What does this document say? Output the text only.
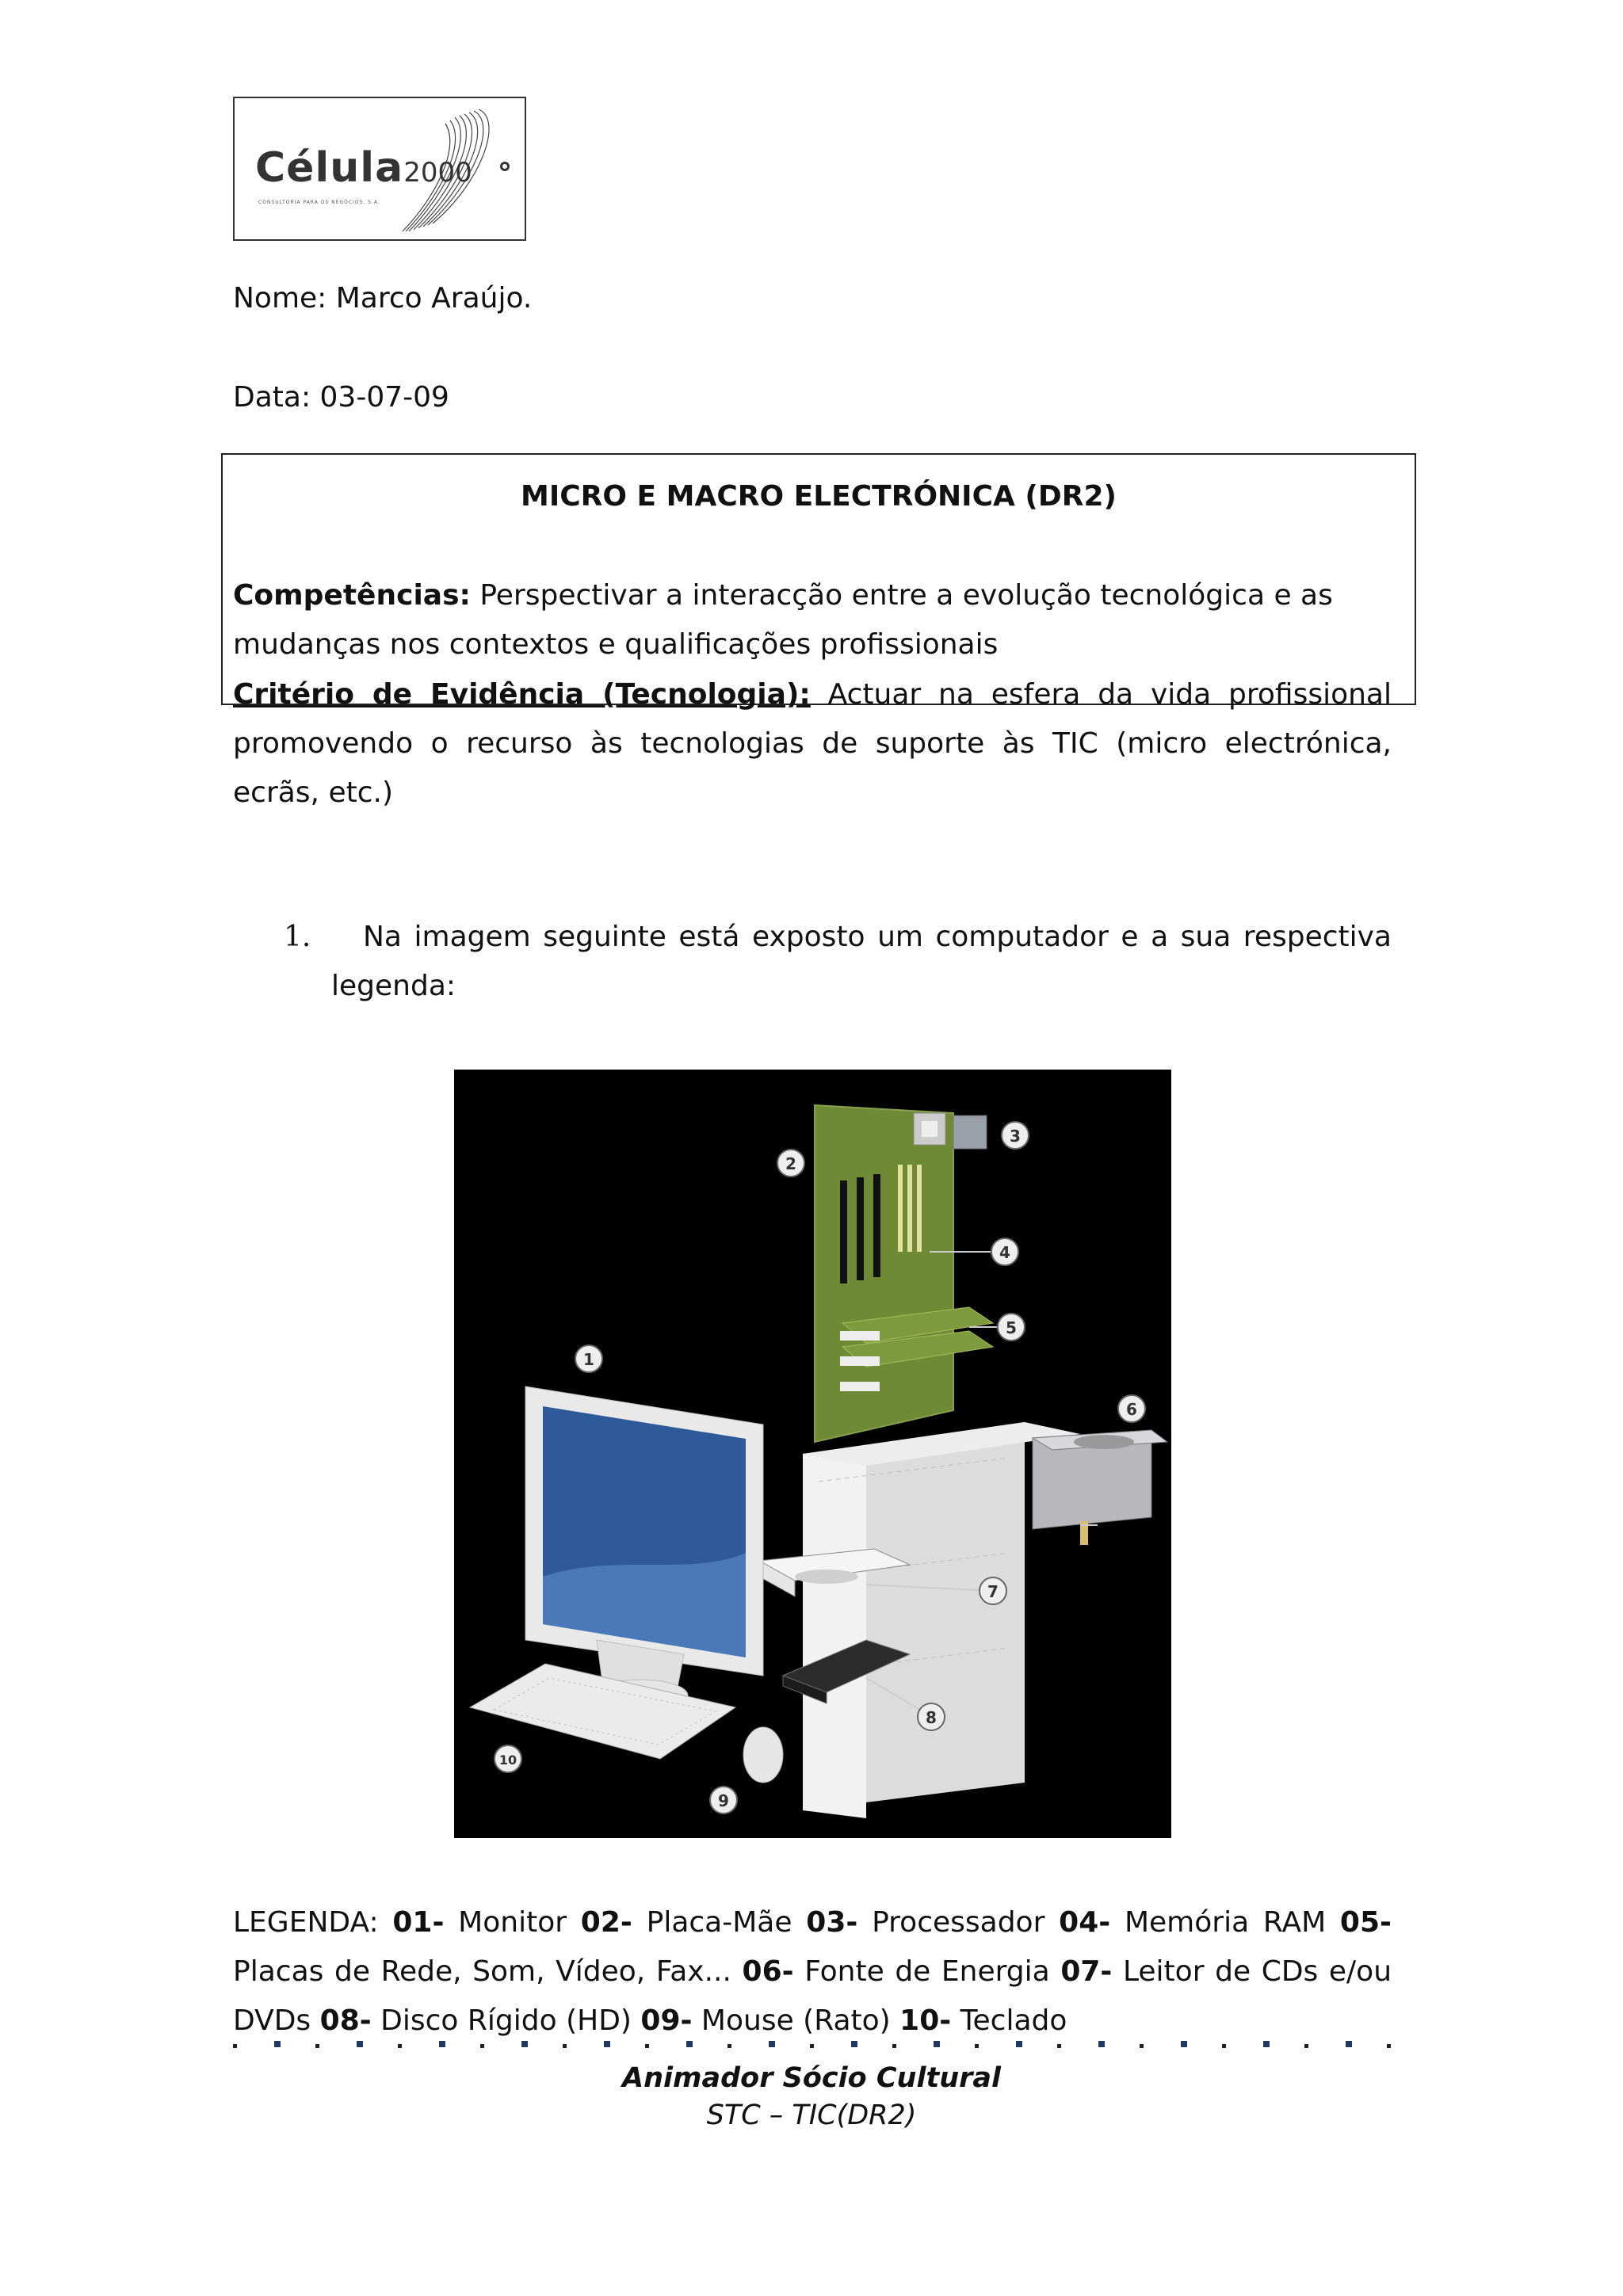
Célula2000
CONSULTORIA PARA OS NEGÓCIOS, S.A.
Nome: Marco Araújo.
Data: 03-07-09
MICRO E MACRO ELECTRÓNICA (DR2)
Competências: Perspectivar a interacção entre a evolução tecnológica e as mudanças nos contextos e qualificações profissionais
Critério de Evidência (Tecnologia): Actuar na esfera da vida profissional promovendo o recurso às tecnologias de suporte às TIC (micro electrónica, ecrãs, etc.)
1.	Na imagem seguinte está exposto um computador e a sua respectiva legenda:
1
2
3
4
5
6
7
8
9
10
LEGENDA: 01- Monitor 02- Placa-Mãe 03- Processador 04- Memória RAM 05- Placas de Rede, Som, Vídeo, Fax... 06- Fonte de Energia 07- Leitor de CDs e/ou DVDs 08- Disco Rígido (HD) 09- Mouse (Rato) 10- Teclado
Animador Sócio Cultural
STC – TIC(DR2)
